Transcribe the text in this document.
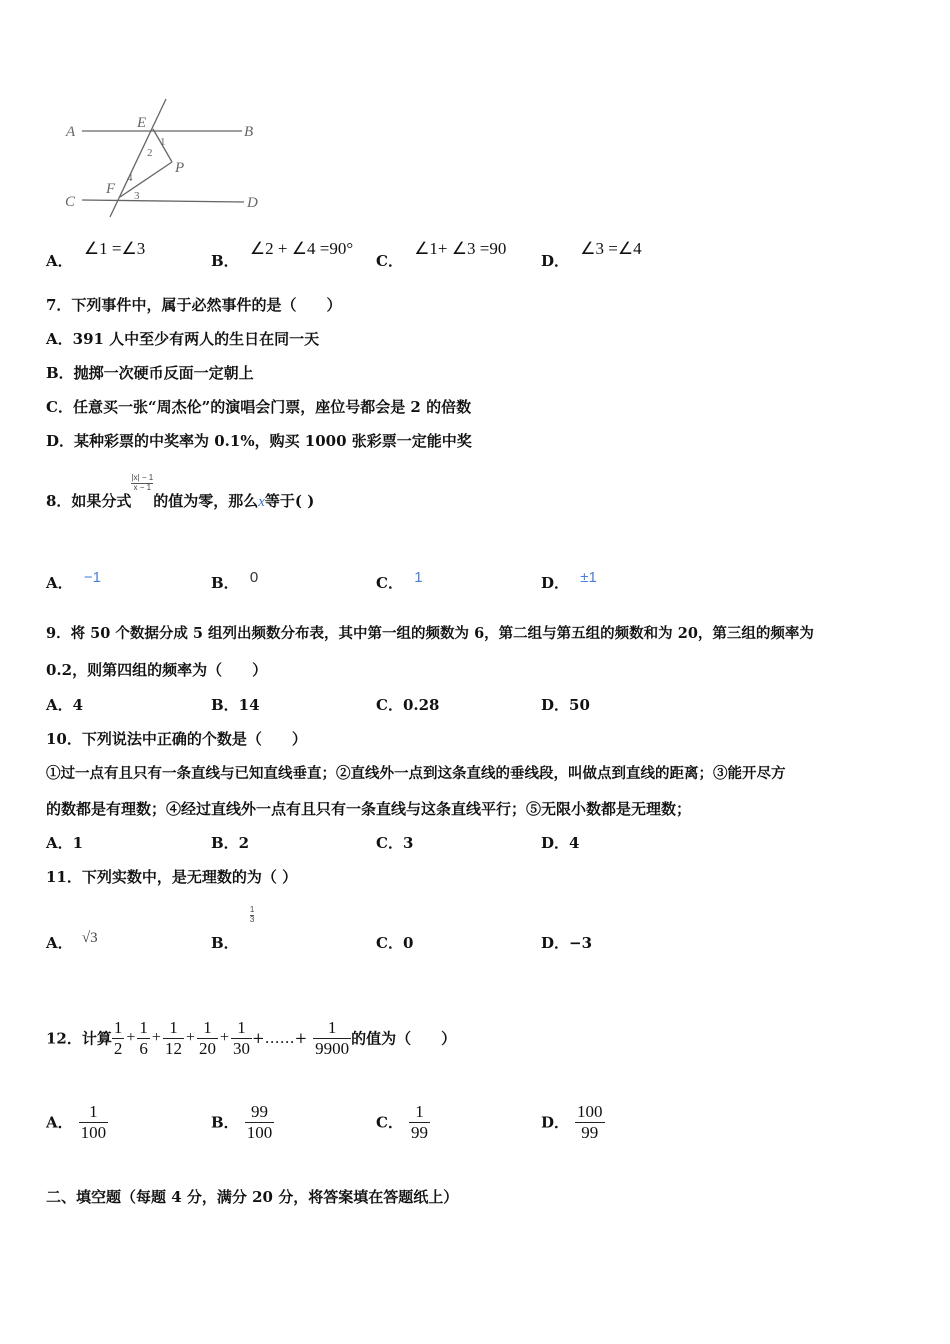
A	B
C	D
E
F
P
1
2
4
3
A． ∠1 =∠3
B． ∠2 + ∠4 =90°
C． ∠1+ ∠3 =90
D． ∠3 =∠4
7．下列事件中，属于必然事件的是（　　）
A．391 人中至少有两人的生日在同一天
B．抛掷一次硬币反面一定朝上
C．任意买一张“周杰伦”的演唱会门票，座位号都会是 2 的倍数
D．某种彩票的中奖率为 0.1%，购买 1000 张彩票一定能中奖
8．如果分式$\frac{|x| - 1}{x - 1}$
的值为零，那么x等于( )
A． −1	B． 0	C． 1	D． ±1
9．将 50 个数据分成 5 组列出频数分布表，其中第一组的频数为 6，第二组与第五组的频数和为 20，第三组的频率为
0.2，则第四组的频率为（　　）
A．4	B．14	C．0.28	D．50
10．下列说法中正确的个数是（　　）
①过一点有且只有一条直线与已知直线垂直；②直线外一点到这条直线的垂线段，叫做点到直线的距离；③能开尽方
的数都是有理数；④经过直线外一点有且只有一条直线与这条直线平行；⑤无限小数都是无理数；
A．1	B．2	C．3	D．4
11．下列实数中，是无理数的为（ ）
A． √3	B． $\frac{1}{3}$
C．0	D．−3
12．计算 $\frac{1}{2} + \frac{1}{6} + \frac{1}{12} + \frac{1}{20} + \frac{1}{30}$ +……+ $\frac{1}{9900}$ 的值为（　　）
A． $\frac{1}{100}$	B． $\frac{99}{100}$	C． $\frac{1}{99}$	D． $\frac{100}{99}$
二、填空题（每题 4 分，满分 20 分，将答案填在答题纸上）
